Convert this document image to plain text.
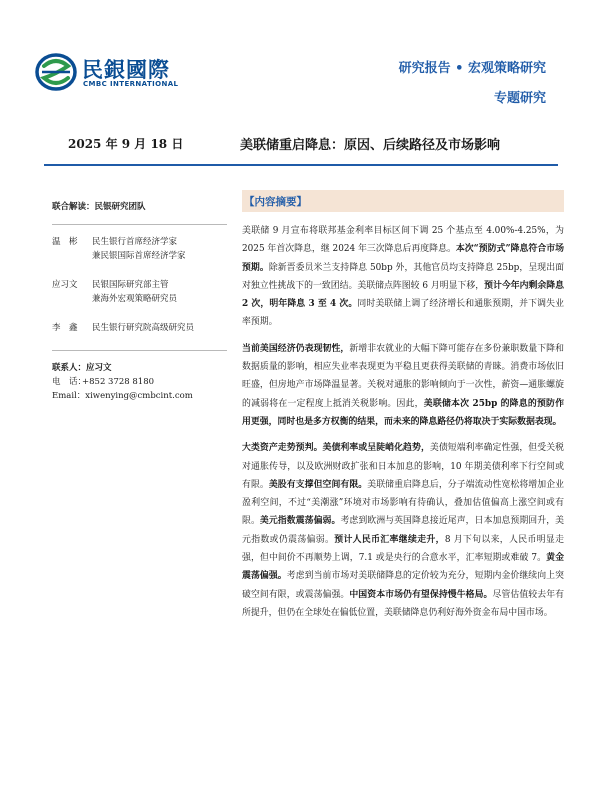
民銀國際
CMBC INTERNATIONAL
研究报告 • 宏观策略研究
专题研究
2025 年 9 月 18 日	美联储重启降息：原因、后续路径及市场影响
联合解读：民银研究团队
温　彬	民生银行首席经济学家
兼民银国际首席经济学家
应习文	民银国际研究部主管
兼海外宏观策略研究员
李　鑫	民生银行研究院高级研究员
联系人：应习文
电　话：
+852 3728 8180
Email： xiwenying@cmbcint.com
【内容摘要】

美联储 9 月宣布将联邦基金利率目标区间下调 25 个基点至 4.00%-4.25%，为 2025 年首次降息，继 2024 年三次降息后再度降息。本次“预防式”降息符合市场预期。除新晋委员米兰支持降息 50bp 外，其他官员均支持降息 25bp，呈现出面对独立性挑战下的一致团结。美联储点阵图较 6 月明显下移，预计今年内剩余降息 2 次，明年降息 3 至 4 次。同时美联储上调了经济增长和通胀预期，并下调失业率预期。

当前美国经济仍表现韧性，新增非农就业的大幅下降可能存在多份兼职数量下降和数据质量的影响，相应失业率表现更为平稳且更获得美联储的青睐。消费市场依旧旺盛，但房地产市场降温显著。关税对通胀的影响倾向于一次性，薪资—通胀螺旋的减弱将在一定程度上抵消关税影响。因此，美联储本次 25bp 的降息的预防作用更强，同时也是多方权衡的结果，而未来的降息路径仍将取决于实际数据表现。

大类资产走势预判。美债利率或呈陡峭化趋势，美债短端利率确定性强，但受关税对通胀传导，以及欧洲财政扩张和日本加息的影响，10 年期美债利率下行空间或有限。美股有支撑但空间有限。美联储重启降息后，分子端流动性宽松将增加企业盈利空间，不过“美潮涨”环境对市场影响有待确认，叠加估值偏高上涨空间或有限。美元指数震荡偏弱。考虑到欧洲与英国降息接近尾声，日本加息预期回升，美元指数或仍震荡偏弱。预计人民币汇率继续走升，8 月下旬以来，人民币明显走强，但中间价不再顺势上调，7.1 或是央行的合意水平，汇率短期或难破 7。黄金震荡偏强。考虑到当前市场对美联储降息的定价较为充分，短期内金价继续向上突破空间有限，或震荡偏强。中国资本市场仍有望保持慢牛格局。尽管估值较去年有所提升，但仍在全球处在偏低位置，美联储降息仍利好海外资金布局中国市场。
